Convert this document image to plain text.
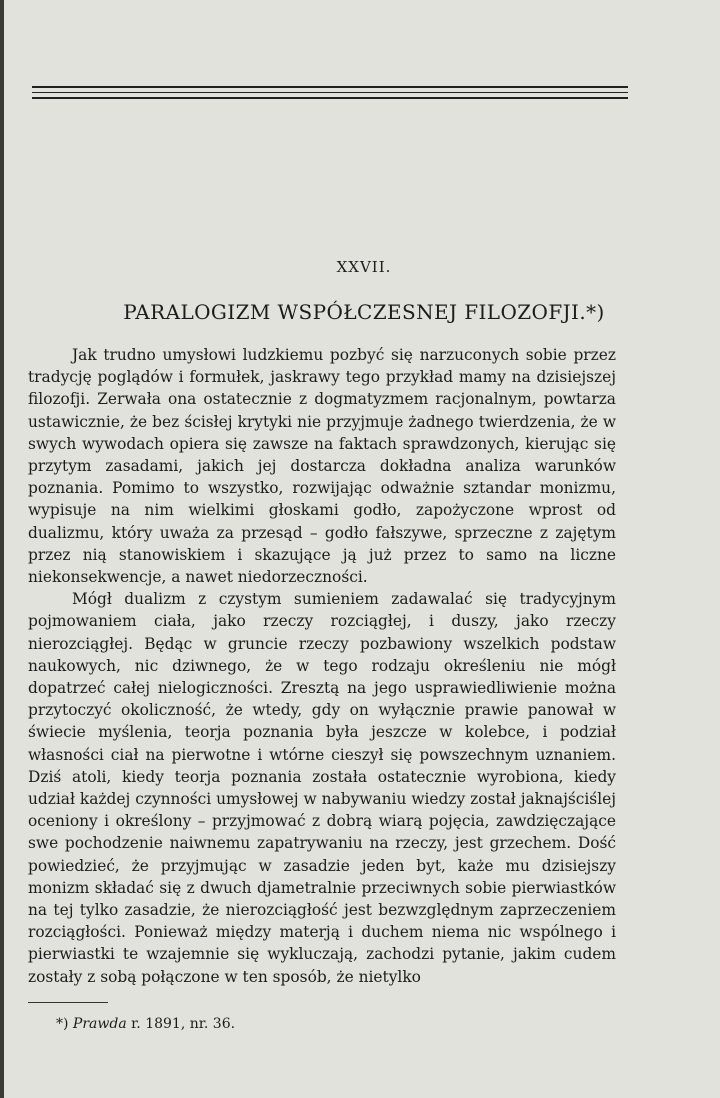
XXVII.
PARALOGIZM WSPÓŁCZESNEJ FILOZOFJI.*)

Jak trudno umysłowi ludzkiemu pozbyć się narzuconych sobie przez tradycję poglądów i formułek, jaskrawy tego przykład mamy na dzisiejszej filozofji. Zerwała ona ostatecznie z dogmatyzmem racjonalnym, powtarza ustawicznie, że bez ścisłej krytyki nie przyjmuje żadnego twierdzenia, że w swych wywodach opiera się zawsze na faktach sprawdzonych, kierując się przytym zasadami, jakich jej dostarcza dokładna analiza warunków poznania. Pomimo to wszystko, rozwijając odważnie sztandar monizmu, wypisuje na nim wielkimi głoskami godło, zapożyczone wprost od dualizmu, który uważa za przesąd – godło fałszywe, sprzeczne z zajętym przez nią stanowiskiem i skazujące ją już przez to samo na liczne niekonsekwencje, a nawet niedorzeczności.

Mógł dualizm z czystym sumieniem zadawalać się tradycyjnym pojmowaniem ciała, jako rzeczy rozciągłej, i duszy, jako rzeczy nierozciągłej. Będąc w gruncie rzeczy pozbawiony wszelkich podstaw naukowych, nic dziwnego, że w tego rodzaju określeniu nie mógł dopatrzeć całej nielogiczności. Zresztą na jego usprawiedliwienie można przytoczyć okoliczność, że wtedy, gdy on wyłącznie prawie panował w świecie myślenia, teorja poznania była jeszcze w kolebce, i podział własności ciał na pierwotne i wtórne cieszył się powszechnym uznaniem. Dziś atoli, kiedy teorja poznania została ostatecznie wyrobiona, kiedy udział każdej czynności umysłowej w nabywaniu wiedzy został jaknajściślej oceniony i określony – przyjmować z dobrą wiarą pojęcia, zawdzięczające swe pochodzenie naiwnemu zapatrywaniu na rzeczy, jest grzechem. Dość powiedzieć, że przyjmując w zasadzie jeden byt, każe mu dzisiejszy monizm składać się z dwuch djametralnie przeciwnych sobie pierwiastków na tej tylko zasadzie, że nierozciągłość jest bezwzględnym zaprzeczeniem rozciągłości. Ponieważ między materją i duchem niema nic wspólnego i pierwiastki te wzajemnie się wykluczają, zachodzi pytanie, jakim cudem zostały z sobą połączone w ten sposób, że nietylko

*) Prawda r. 1891, nr. 36.
